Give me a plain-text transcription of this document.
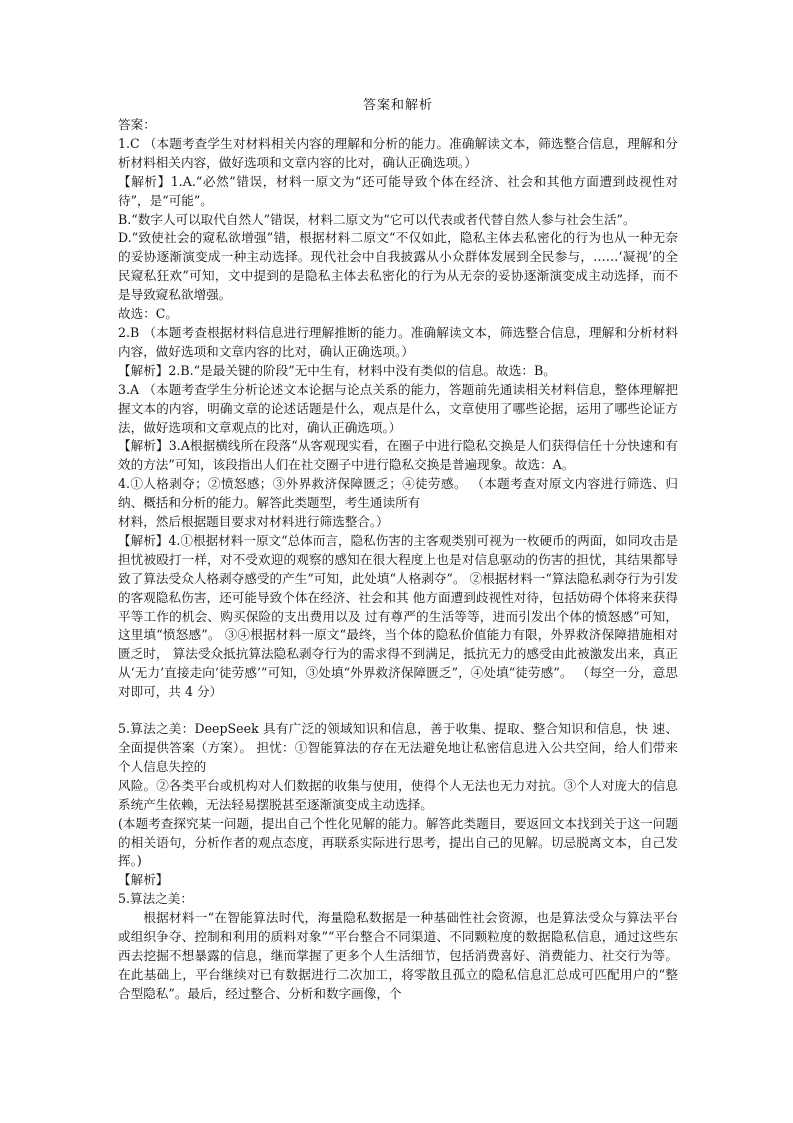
答案和解析

答案：

1.C （本题考查学生对材料相关内容的理解和分析的能力。准确解读文本，筛选整合信息，理解和分析材料相关内容，做好选项和文章内容的比对，确认正确选项。）

【解析】1.A.“必然”错误，材料一原文为“还可能导致个体在经济、社会和其他方面遭到歧视性对待”，是“可能”。

B.“数字人可以取代自然人”错误，材料二原文为“它可以代表或者代替自然人参与社会生活”。

D.“致使社会的窥私欲增强”错，根据材料二原文“不仅如此，隐私主体去私密化的行为也从一种无奈的妥协逐渐演变成一种主动选择。现代社会中自我披露从小众群体发展到全民参与，……‘凝视’的全民窥私狂欢”可知，文中提到的是隐私主体去私密化的行为从无奈的妥协逐渐演变成主动选择，而不是导致窥私欲增强。

故选：C。

2.B （本题考查根据材料信息进行理解推断的能力。准确解读文本，筛选整合信息，理解和分析材料内容，做好选项和文章内容的比对，确认正确选项。）

【解析】2.B.“是最关键的阶段”无中生有，材料中没有类似的信息。故选：B。

3.A （本题考查学生分析论述文本论据与论点关系的能力，答题前先通读相关材料信息，整体理解把握文本的内容，明确文章的论述话题是什么，观点是什么，文章使用了哪些论据，运用了哪些论证方法，做好选项和文章观点的比对，确认正确选项。）

【解析】3.A根据横线所在段落“从客观现实看，在圈子中进行隐私交换是人们获得信任十分快速和有效的方法”可知，该段指出人们在社交圈子中进行隐私交换是普遍现象。故选：A。

4.①人格剥夺；②愤怒感；③外界救济保障匮乏；④徒劳感。 （本题考查对原文内容进行筛选、归纳、概括和分析的能力。解答此类题型，考生通读所有

材料，然后根据题目要求对材料进行筛选整合。）

【解析】4.①根据材料一原文“总体而言，隐私伤害的主客观类别可视为一枚硬币的两面，如同攻击是担忧被殴打一样，对不受欢迎的观察的感知在很大程度上也是对信息驱动的伤害的担忧，其结果都导致了算法受众人格剥夺感受的产生”可知，此处填“人格剥夺”。 ②根据材料一“算法隐私剥夺行为引发的客观隐私伤害，还可能导致个体在经济、社会和其 他方面遭到歧视性对待，包括妨碍个体将来获得平等工作的机会、购买保险的支出费用以及 过有尊严的生活等等，进而引发出个体的愤怒感”可知，这里填“愤怒感”。 ③④根据材料一原文“最终，当个体的隐私价值能力有限，外界救济保障措施相对匮乏时， 算法受众抵抗算法隐私剥夺行为的需求得不到满足，抵抗无力的感受由此被激发出来，真正 从‘无力’直接走向‘徒劳感’”可知，③处填“外界救济保障匮乏”，④处填“徒劳感”。 （每空一分，意思对即可，共 4 分）

5.算法之美：DeepSeek 具有广泛的领域知识和信息，善于收集、提取、整合知识和信息，快 速、全面提供答案（方案）。 担忧：①智能算法的存在无法避免地让私密信息进入公共空间，给人们带来个人信息失控的

风险。②各类平台或机构对人们数据的收集与使用，使得个人无法也无力对抗。③个人对庞大的信息系统产生依赖，无法轻易摆脱甚至逐渐演变成主动选择。

(本题考查探究某一问题，提出自己个性化见解的能力。解答此类题目，要返回文本找到关于这一问题的相关语句，分析作者的观点态度，再联系实际进行思考，提出自己的见解。切忌脱离文本，自己发挥。)

【解析】

5.算法之美：

根据材料一“在智能算法时代，海量隐私数据是一种基础性社会资源，也是算法受众与算法平台或组织争夺、控制和利用的质料对象”“平台整合不同渠道、不同颗粒度的数据隐私信息，通过这些东西去挖掘不想暴露的信息，继而掌握了更多个人生活细节，包括消费喜好、消费能力、社交行为等。在此基础上，平台继续对已有数据进行二次加工，将零散且孤立的隐私信息汇总成可匹配用户的“整合型隐私”。最后，经过整合、分析和数字画像，个
